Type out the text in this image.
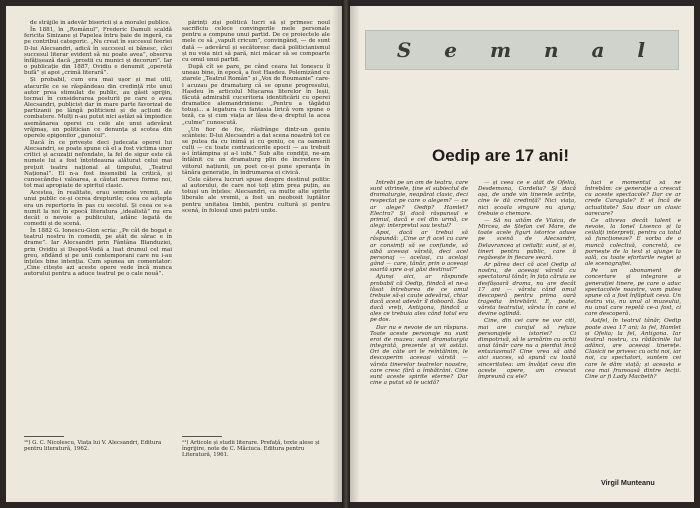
de străjile în adevăr bisericii și a moralei publice.

În 1881, în „Românul”, Frederic Damuli scaldă fericita Sinizane și Papelea întru baie de ingeră, ca pe contribui categoric. „Nu creat în succesul feeriei D-lui Alecsandri, adică în succesul ei bănesc, căci succesul literar evident să nu poate avea”, observa înfățișează dacă „prostii cu munici și decoruri”. Iar o publicație din 1887, Ovidiu e denumit „operetă bufă” și apoi „crimă literară”.

Și probabil, cum era mai ușor și mai util, atacurile ce se răspândeau din credință rite unui autor prea stimulat de public, au găsit sprijin, tocmai în considerarea posturii pe care o avea Alecsandri, publicist dar în mare parte favorizat de partizanii pe lângă politicieni și de acțiuni de combatere. Mulți n-au putut nici astăzi să împiedice asemănarea operei cu cele ale unui adevărat vrăjmaș, un politician ce denunța și scotea din operele epigonilor „gunoiul”.

Dacă în ce privește deci judecata operei lui Alecsandri, se poate spune că el a fost victima unor critici și acuzații nefondate, la fel de sigur este că numele lui a fost întotdeauna alăturat celui mai prețuit teatru național al timpului, „Teatrul Național”. El n-a fost insensibil la critică, și cunoscându-i valoarea, a căutat mereu forme noi, tot mai apropiate de spiritul clasic.

Acestea, în realitate, erau semnele vremii, ale unui public ce-și cerea drepturile; ceea ce aștepta era un repertoriu în pas cu secolul. Și ceea ce s-a numit la noi în epocă literatura „idealistă” nu era decât o nevoie a publicului, adânc legată de comedii și de scenă.

În 1882 G. Ionescu-Gion scria: „Pe cât de bogat e teatrul nostru în comedii, pe atât de sărac e în drame”. Iar Alecsandri prin Fântâna Blanduziei, prin Ovidiu și Despot-Vodă a luat drumul cel mai greu, sfidând și pe unii contemporani care nu i-au înțeles bine intenția. Cum spunea un comentator: „Cine citește azi aceste opere vede încă munca autorului pentru a aduce teatrul pe o cale nouă”.

părinți ziși politică lucri să și primesc noul sacrificiu celece convingerile mele personale pentru a compune unui partid. De ce proiectele ale mele ce să „vapult cricum”, convingând, — de sunt dată — adevărul și secătoresc dacă politicianismul și nu voia nici să pară, nici măcar să se compoarte cu omul unui partid.

După cît se pare, pe când ceara lui Ionescu îl uneau bine, în epocă, a fost Hasdeu. Polemizând cu ziarele „Teatrul Român” și „Vox de Roumanie” care-l acuzau pe dramaturg că se opune progresului, Hasdeu în articolul Mișcarea literelor în Ieșii, făcută admirabil cuceritoria identificării cu operei dramatice alemandriniene: „Pentru a tăgădui totuși... a legatura cu fantasia lirică vom spune o teză, ca și cum viața ar lăsa de-a dreptul la acea „culme” cunoscută.

„Un fior de foc, răsfrânge dintr-un geniu scânteie: D-lui Alecsandri a dat scena noastră tot ce se putea da cu inimă și cu geniu, ce ca oamenii culti — cu toate contrazicerile epocii — au trebuit a-l întâmpina și a-l iubi.” Sub alte condiții, ne-am întâlnit cu un dramaturg plin de încredere în viitorul națiunii, un poet ce-și pune speranța în tânăra generație, în îndrumarea ei civică.

Cele câteva lucruri spuse despre destinul politic al autorului, de care noi toți știm prea puțin, au totuși un înțeles: Alecsandri, ca multe alte spirite liberale ale vremii, a fost un neobosit luptător pentru unitatea limbii, pentru cultură și pentru scenă, în folosul unei patrii unite.

¹⁰) G. C. Nicolescu, Viața lui V. Alecsandri, Editura pentru literatură, 1962.
¹¹) Articole și studii literare. Prefață, texte alese și îngrijire, note de C. Măciuca. Editura pentru Literatură, 1961.
S e m n a l
Oedip are 17 ani!

Intrebi pe un om de teatru, care sunt vitrinele, ține el subiectul de dramaturgie, neapărat clasic, deci respectat pe care o alegem? — ce ar alege? Oedip? Hamlet? Electra? Și dacă răspunsul e primul, dacă e cel din urmă, ce alegi: interpretul sau textul?

Apoi, dacă ar trebui să răspundă: „Cine ar fi acel cu care ar consimți să se confunde, să aibă aceeași vârstă, deci acel personaj — același, cu același gând — care, tânăr, prin o aceeași soartă spre a-și găsi destinul?”

Ajunși aici, ar răspunde probabil că Oedip, fiindcă el ne-a lăsat întrebarea de ce omul trebuie să-și caute adevărul, chiar dacă acest adevăr îl doboară. Sau dacă vreți, Antigona, fiindcă a ales ce trebuia ales când totul era pe dos.

Dar nu e nevoie de un răspuns. Toate aceste personaje nu sunt eroi de muzeu: sunt dramaturgia integrată, prezente și vii astăzi. Ori de câte ori le reîntâlnim, le descoperim aceeași vârstă — vârsta tinerelor teatrelor noastre, care cresc fără a îmbătrâni. Cine sunt aceste spirite eterne? Dar cine a putut să le ucidă?

— și ceea ce e atât de Ofelia, Desdemona, Cordelia? Și dacă așa, de unde vin tinerele actrițe, cine le dă credință? Nici viața, nici școala singure nu ajung; trebuie o chemare.

— Să nu uităm de Vlaicu, de Mircea, de Ștefan cel Mare, de toate acele figuri istorice aduse pe scenă de Alecsandri, Delavrancea și ceilalți: sunt, și ei, tineri pentru public, care îi regăsește în fiecare seară.

Ar părea deci că acel Oedip al nostru, de aceeași vârstă cu spectatorul tânăr, în fața căruia se desfășoară drama, nu are decât 17 ani — vârsta când omul descoperă pentru prima oară tragedia întrebării. E, poate, vârsta teatrului, vârsta în care el devine oglindă.

Cine, din cei care ne vor citi, mai are curajul să refuze personajele istoriei? Ci dimpotrivă, să le urmărim cu ochii unui tânăr care nu a pierdut încă entuziasmul? Cine vrea să aibă aici succes, să spună cu toată sinceritatea: am învățat ceva din aceste opere, am crescut împreună cu ele?

luci e momentul să ne întrebăm: ce generație a crescut cu aceste spectacole? Dar ce ar crede Caragiale? E el încă de actualitate? Sau doar un clasic oarecare?

Ce altceva decât talent e nevoie, la Ionel Lisenco și la ceilalți interpreți, pentru ca totul să funcționeze? E vorba de o muncă colectivă, concretă, ce pornește de la text și ajunge la sală, cu toate eforturile regiei și ale scenografiei.

Pe un abonament de concertare și integrare a generației tinere, pe care o aduc spectacolele noastre, vom putea spune că a fost înfăptuit ceva. Un teatru viu, nu unul al muzeului, nu unul care repetă ce-a fost, ci care descoperă.

Astfel, în teatrul tânăr, Oedip poate avea 17 ani; la fel, Hamlet și Ofelia; la fel, Antigona. Iar teatrul nostru, cu rădăcinile lui adânci, are aceeași tinerețe. Clasicii ne privesc cu ochi noi, iar noi, ca spectatori, suntem cei care le dăm viață; și aceasta e cea mai frumoasă dintre lecții. Cine ar fi Lady Macbeth?

Virgil Munteanu
